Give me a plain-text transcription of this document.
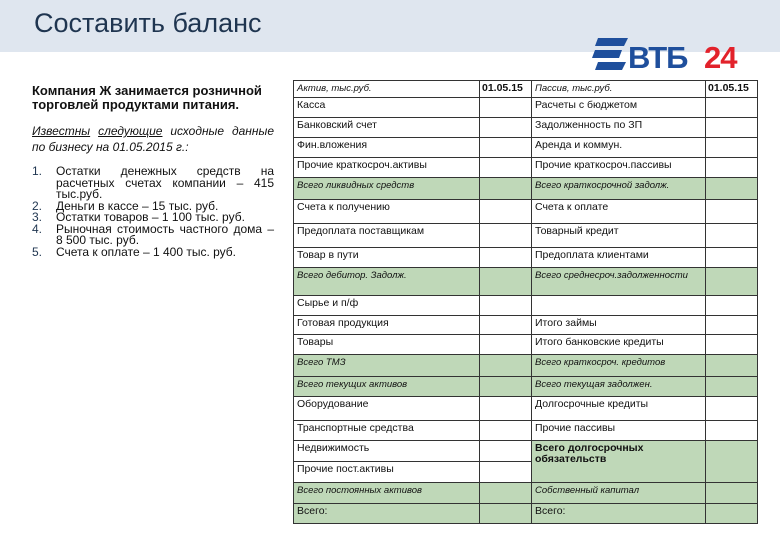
Составить баланс
ВТБ 24
Компания Ж занимается розничной торговлей продуктами питания.
Известны следующие исходные данные по бизнесу на 01.05.2015 г.:
1. Остатки денежных средств на расчетных счетах компании – 415 тыс.руб.
2. Деньги в кассе – 15 тыс. руб.
3. Остатки товаров – 1 100 тыс. руб.
4. Рыночная стоимость частного дома – 8 500 тыс. руб.
5. Счета к оплате – 1 400 тыс. руб.
Актив, тыс.руб.	01.05.15	Пассив, тыс.руб.	01.05.15
Касса		Расчеты с бюджетом	
Банковский счет		Задолженность по ЗП	
Фин.вложения		Аренда и коммун.	
Прочие краткосроч.активы		Прочие краткосроч.пассивы	
Всего ликвидных средств		Всего краткосрочной задолж.	
Счета к получению		Счета к оплате	
Предоплата поставщикам		Товарный кредит	
Товар в пути		Предоплата клиентами	
Всего дебитор. Задолж.		Всего среднесроч.задолженности	
Сырье и п/ф			
Готовая продукция		Итого займы	
Товары		Итого банковские кредиты	
Всего ТМЗ		Всего краткосроч. кредитов	
Всего текущих активов		Всего текущая задолжен.	
Оборудование		Долгосрочные кредиты	
Транспортные средства		Прочие пассивы	
Недвижимость		Всего долгосрочных обязательств	
Прочие пост.активы			
Всего постоянных активов		Собственный капитал	
Всего:		Всего:	
